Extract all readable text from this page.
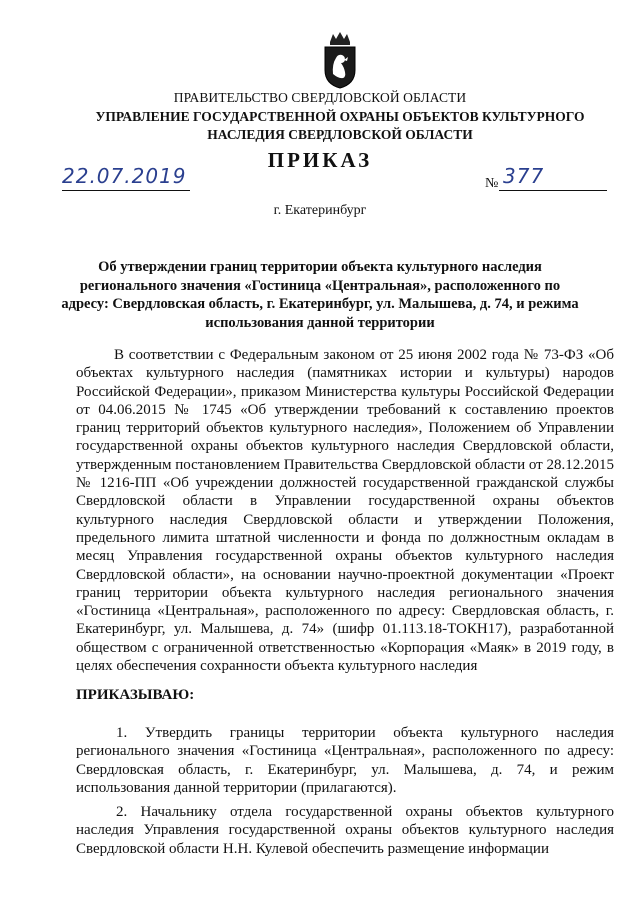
ПРАВИТЕЛЬСТВО СВЕРДЛОВСКОЙ ОБЛАСТИ
УПРАВЛЕНИЕ ГОСУДАРСТВЕННОЙ ОХРАНЫ ОБЪЕКТОВ КУЛЬТУРНОГО НАСЛЕДИЯ СВЕРДЛОВСКОЙ ОБЛАСТИ
ПРИКАЗ
22.07.2019	№ 377
г. Екатеринбург
Об утверждении границ территории объекта культурного наследия регионального значения «Гостиница «Центральная», расположенного по адресу: Свердловская область, г. Екатеринбург, ул. Малышева, д. 74, и режима использования данной территории

В соответствии с Федеральным законом от 25 июня 2002 года № 73-ФЗ «Об объектах культурного наследия (памятниках истории и культуры) народов Российской Федерации», приказом Министерства культуры Российской Федерации от 04.06.2015 № 1745 «Об утверждении требований к составлению проектов границ территорий объектов культурного наследия», Положением об Управлении государственной охраны объектов культурного наследия Свердловской области, утвержденным постановлением Правительства Свердловской области от 28.12.2015 № 1216-ПП «Об учреждении должностей государственной гражданской службы Свердловской области в Управлении государственной охраны объектов культурного наследия Свердловской области и утверждении Положения, предельного лимита штатной численности и фонда по должностным окладам в месяц Управления государственной охраны объектов культурного наследия Свердловской области», на основании научно-проектной документации «Проект границ территории объекта культурного наследия регионального значения «Гостиница «Центральная», расположенного по адресу: Свердловская область, г. Екатеринбург, ул. Малышева, д. 74» (шифр 01.113.18-ТОКН17), разработанной обществом с ограниченной ответственностью «Корпорация «Маяк» в 2019 году, в целях обеспечения сохранности объекта культурного наследия

ПРИКАЗЫВАЮ:

1. Утвердить границы территории объекта культурного наследия регионального значения «Гостиница «Центральная», расположенного по адресу: Свердловская область, г. Екатеринбург, ул. Малышева, д. 74, и режим использования данной территории (прилагаются).

2. Начальнику отдела государственной охраны объектов культурного наследия Управления государственной охраны объектов культурного наследия Свердловской области Н.Н. Кулевой обеспечить размещение информации
